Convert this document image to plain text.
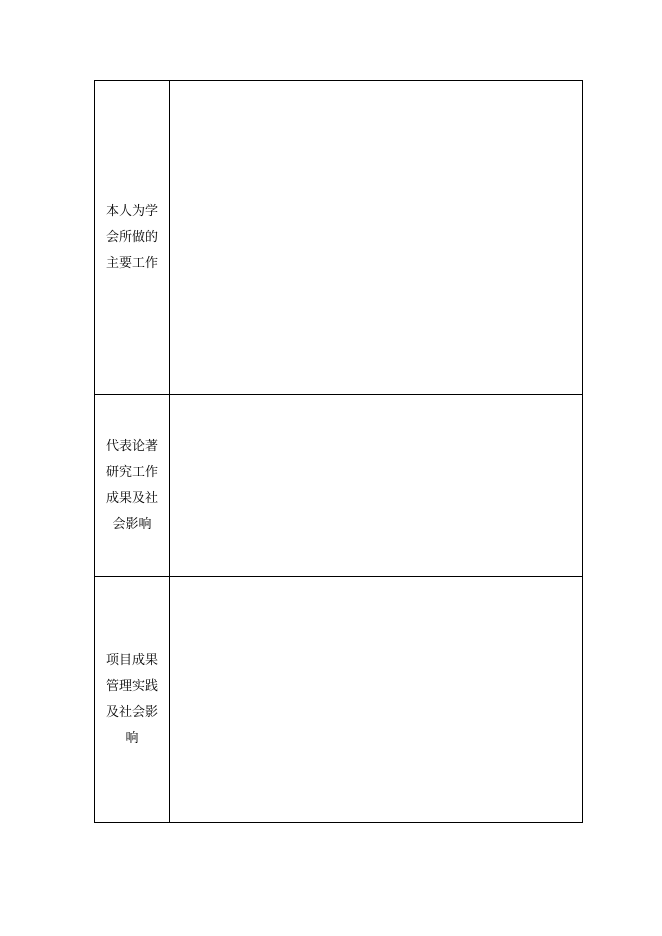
本人为学
会所做的
主要工作
代表论著
研究工作
成果及社
会影响
项目成果
管理实践
及社会影
响
